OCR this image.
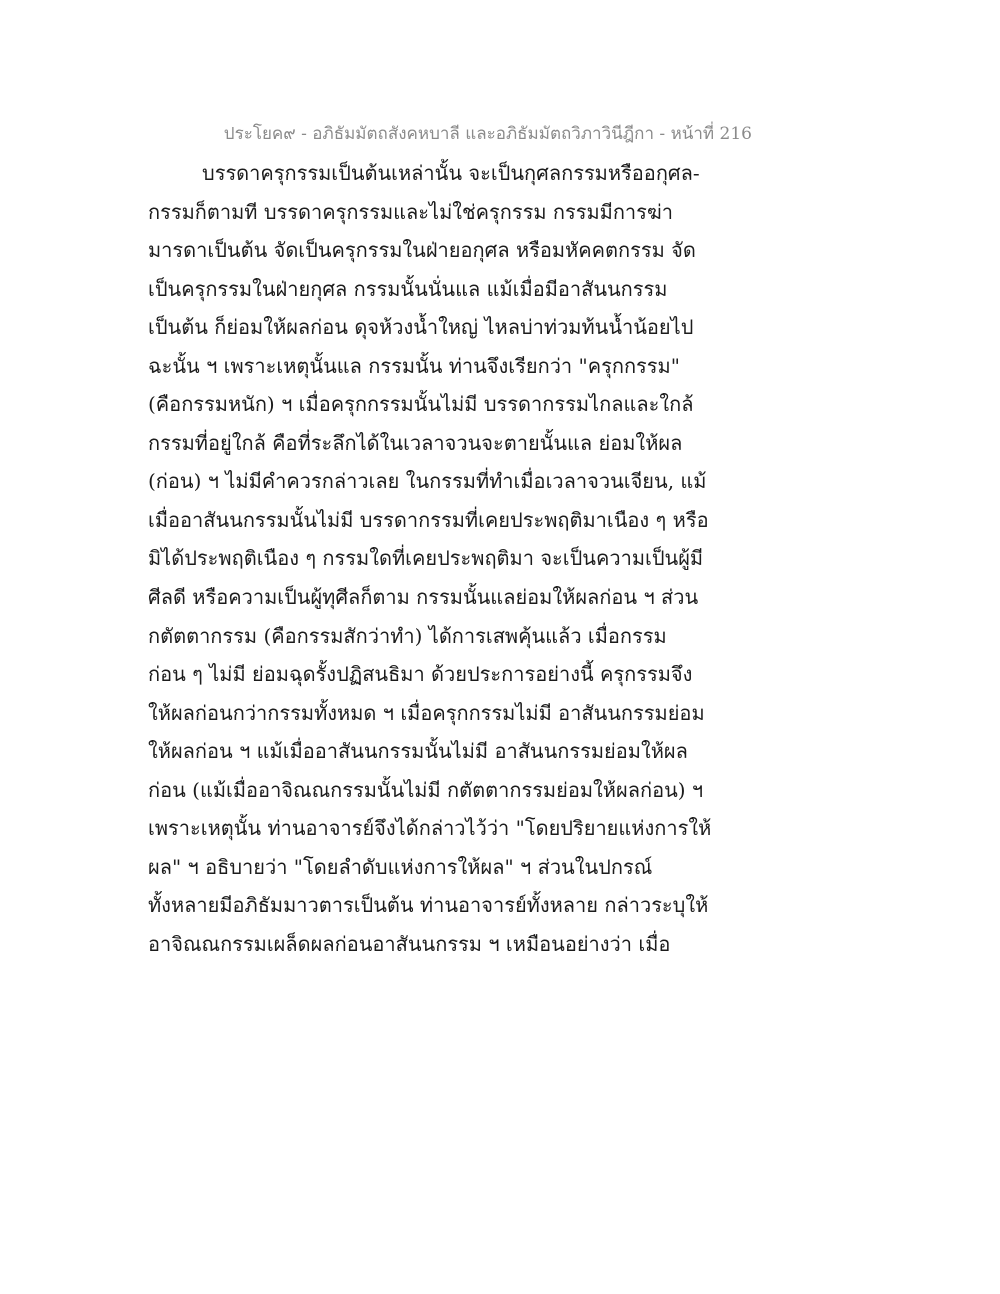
ประโยค๙ - อภิธัมมัตถสังคหบาลี และอภิธัมมัตถวิภาวินีฎีกา - หน้าที่ 216
บรรดาครุกรรมเป็นต้นเหล่านั้น จะเป็นกุศลกรรมหรืออกุศล-
กรรมก็ตามที บรรดาครุกรรมและไม่ใช่ครุกรรม กรรมมีการฆ่า
มารดาเป็นต้น จัดเป็นครุกรรมในฝ่ายอกุศล หรือมหัคคตกรรม จัด
เป็นครุกรรมในฝ่ายกุศล กรรมนั้นนั่นแล แม้เมื่อมีอาสันนกรรม
เป็นต้น ก็ย่อมให้ผลก่อน ดุจห้วงน้ำใหญ่ ไหลบ่าท่วมท้นน้ำน้อยไป
ฉะนั้น ฯ เพราะเหตุนั้นแล กรรมนั้น ท่านจึงเรียกว่า "ครุกกรรม"
(คือกรรมหนัก) ฯ เมื่อครุกกรรมนั้นไม่มี บรรดากรรมไกลและใกล้
กรรมที่อยู่ใกล้ คือที่ระลึกได้ในเวลาจวนจะตายนั้นแล ย่อมให้ผล
(ก่อน) ฯ ไม่มีคำควรกล่าวเลย ในกรรมที่ทำเมื่อเวลาจวนเจียน, แม้
เมื่ออาสันนกรรมนั้นไม่มี บรรดากรรมที่เคยประพฤติมาเนือง ๆ หรือ
มิได้ประพฤติเนือง ๆ กรรมใดที่เคยประพฤติมา จะเป็นความเป็นผู้มี
ศีลดี หรือความเป็นผู้ทุศีลก็ตาม กรรมนั้นแลย่อมให้ผลก่อน ฯ ส่วน
กตัตตากรรม (คือกรรมสักว่าทำ) ได้การเสพคุ้นแล้ว เมื่อกรรม
ก่อน ๆ ไม่มี ย่อมฉุดรั้งปฏิสนธิมา ด้วยประการอย่างนี้ ครุกรรมจึง
ให้ผลก่อนกว่ากรรมทั้งหมด ฯ เมื่อครุกกรรมไม่มี อาสันนกรรมย่อม
ให้ผลก่อน ฯ แม้เมื่ออาสันนกรรมนั้นไม่มี อาสันนกรรมย่อมให้ผล
ก่อน (แม้เมื่ออาจิณณกรรมนั้นไม่มี กตัตตากรรมย่อมให้ผลก่อน) ฯ
เพราะเหตุนั้น ท่านอาจารย์จึงได้กล่าวไว้ว่า "โดยปริยายแห่งการให้
ผล" ฯ อธิบายว่า "โดยลำดับแห่งการให้ผล" ฯ ส่วนในปกรณ์
ทั้งหลายมีอภิธัมมาวตารเป็นต้น ท่านอาจารย์ทั้งหลาย กล่าวระบุให้
อาจิณณกรรมเผล็ดผลก่อนอาสันนกรรม ฯ เหมือนอย่างว่า เมื่อ
